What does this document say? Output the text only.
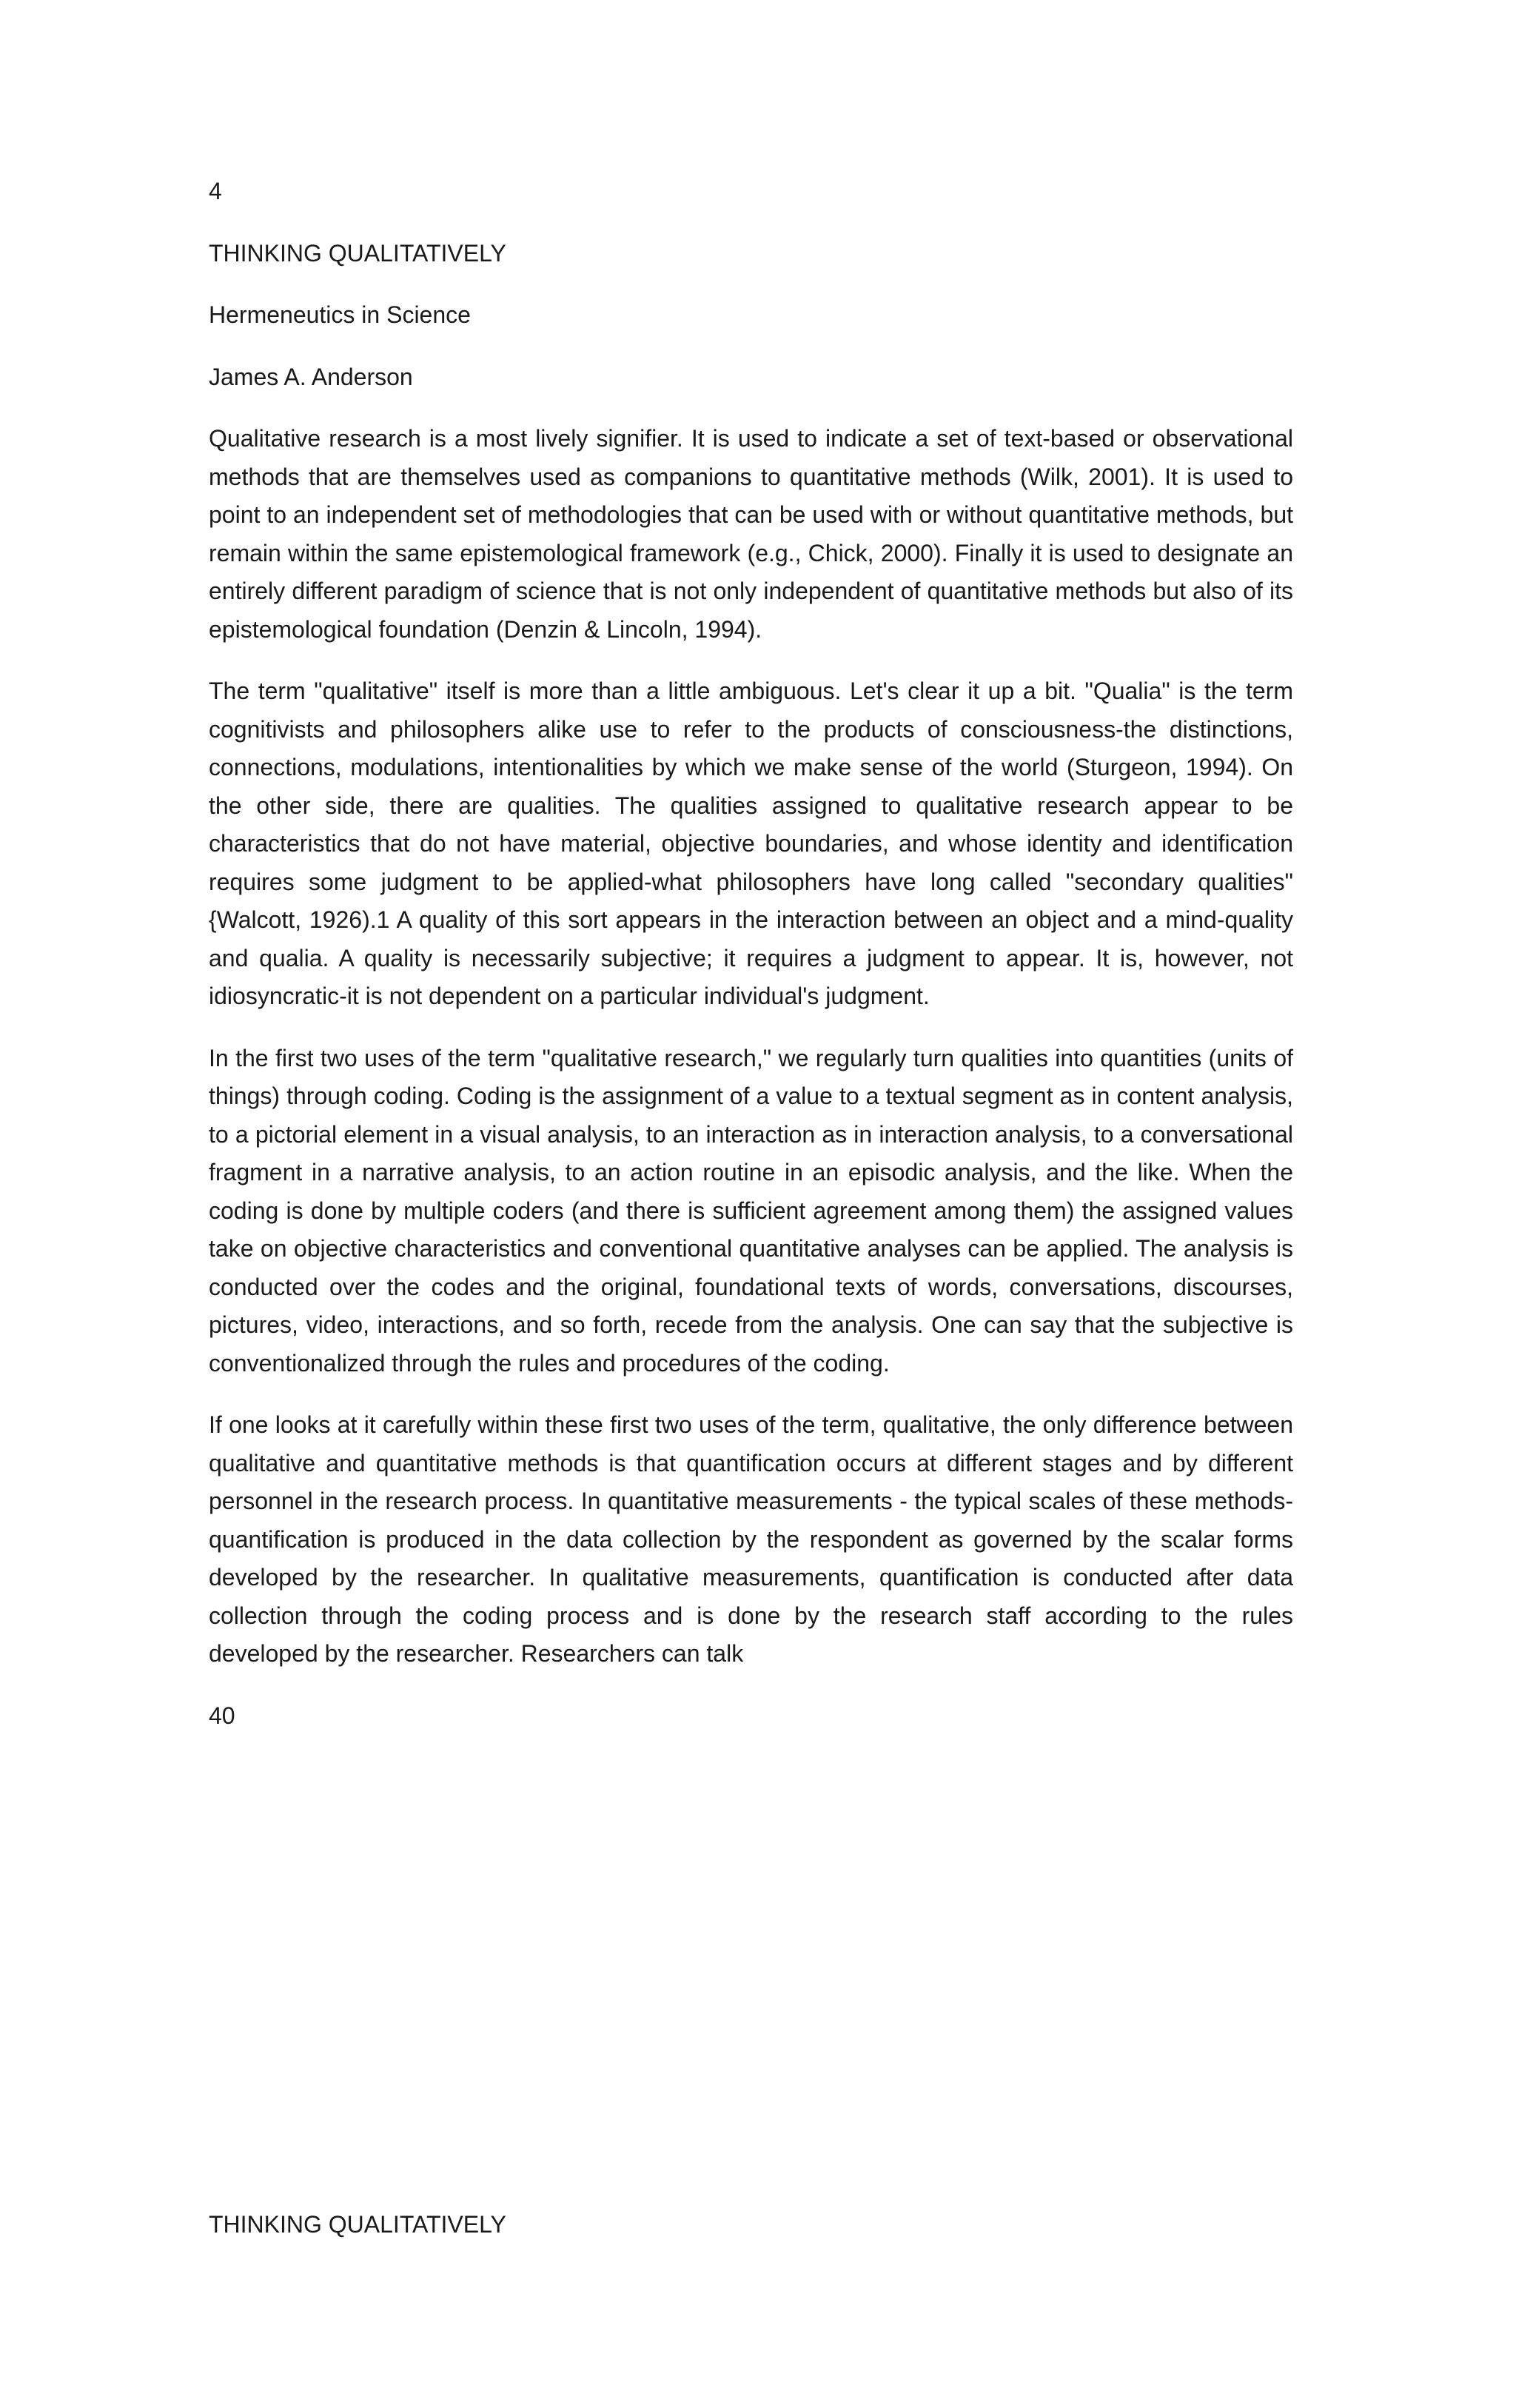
4

THINKING QUALITATIVELY

Hermeneutics in Science

James A. Anderson

Qualitative research is a most lively signifier. It is used to indicate a set of text-based or observational methods that are themselves used as companions to quantitative methods (Wilk, 2001). It is used to point to an independent set of methodologies that can be used with or without quantitative methods, but remain within the same epistemological framework (e.g., Chick, 2000). Finally it is used to designate an entirely different paradigm of science that is not only independent of quantitative methods but also of its epistemological foundation (Denzin & Lincoln, 1994).

The term "qualitative" itself is more than a little ambiguous. Let's clear it up a bit. "Qualia" is the term cognitivists and philosophers alike use to refer to the products of consciousness-the distinctions, connections, modulations, intentionalities by which we make sense of the world (Sturgeon, 1994). On the other side, there are qualities. The qualities assigned to qualitative research appear to be characteristics that do not have material, objective boundaries, and whose identity and identification requires some judgment to be applied-what philosophers have long called "secondary qualities" {Walcott, 1926).1 A quality of this sort appears in the interaction between an object and a mind-quality and qualia. A quality is necessarily subjective; it requires a judgment to appear. It is, however, not idiosyncratic-it is not dependent on a particular individual's judgment.

In the first two uses of the term "qualitative research," we regularly turn qualities into quantities (units of things) through coding. Coding is the assignment of a value to a textual segment as in content analysis, to a pictorial element in a visual analysis, to an interaction as in interaction analysis, to a conversational fragment in a narrative analysis, to an action routine in an episodic analysis, and the like. When the coding is done by multiple coders (and there is sufficient agreement among them) the assigned values take on objective characteristics and conventional quantitative analyses can be applied. The analysis is conducted over the codes and the original, foundational texts of words, conversations, discourses, pictures, video, interactions, and so forth, recede from the analysis. One can say that the subjective is conventionalized through the rules and procedures of the coding.

If one looks at it carefully within these first two uses of the term, qualitative, the only difference between qualitative and quantitative methods is that quantification occurs at different stages and by different personnel in the research process. In quantitative measurements - the typical scales of these methods-quantification is produced in the data collection by the respondent as governed by the scalar forms developed by the researcher. In qualitative measurements, quantification is conducted after data collection through the coding process and is done by the research staff according to the rules developed by the researcher. Researchers can talk

40

THINKING QUALITATIVELY
